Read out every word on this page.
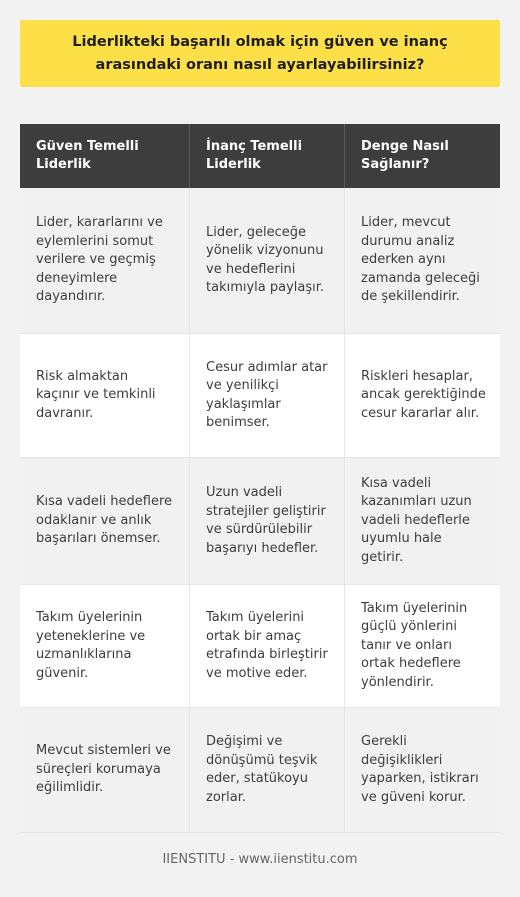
Liderlikteki başarılı olmak için güven ve inanç arasındaki oranı nasıl ayarlayabilirsiniz?
Güven Temelli Liderlik
İnanç Temelli Liderlik
Denge Nasıl Sağlanır?
Lider, kararlarını ve eylemlerini somut verilere ve geçmiş deneyimlere dayandırır.
Lider, geleceğe yönelik vizyonunu ve hedeflerini takımıyla paylaşır.
Lider, mevcut durumu analiz ederken aynı zamanda geleceği de şekillendirir.
Risk almaktan kaçınır ve temkinli davranır.
Cesur adımlar atar ve yenilikçi yaklaşımlar benimser.
Riskleri hesaplar, ancak gerektiğinde cesur kararlar alır.
Kısa vadeli hedeflere odaklanır ve anlık başarıları önemser.
Uzun vadeli stratejiler geliştirir ve sürdürülebilir başarıyı hedefler.
Kısa vadeli kazanımları uzun vadeli hedeflerle uyumlu hale getirir.
Takım üyelerinin yeteneklerine ve uzmanlıklarına güvenir.
Takım üyelerini ortak bir amaç etrafında birleştirir ve motive eder.
Takım üyelerinin güçlü yönlerini tanır ve onları ortak hedeflere yönlendirir.
Mevcut sistemleri ve süreçleri korumaya eğilimlidir.
Değişimi ve dönüşümü teşvik eder, statükoyu zorlar.
Gerekli değişiklikleri yaparken, istikrarı ve güveni korur.
IIENSTITU - www.iienstitu.com
